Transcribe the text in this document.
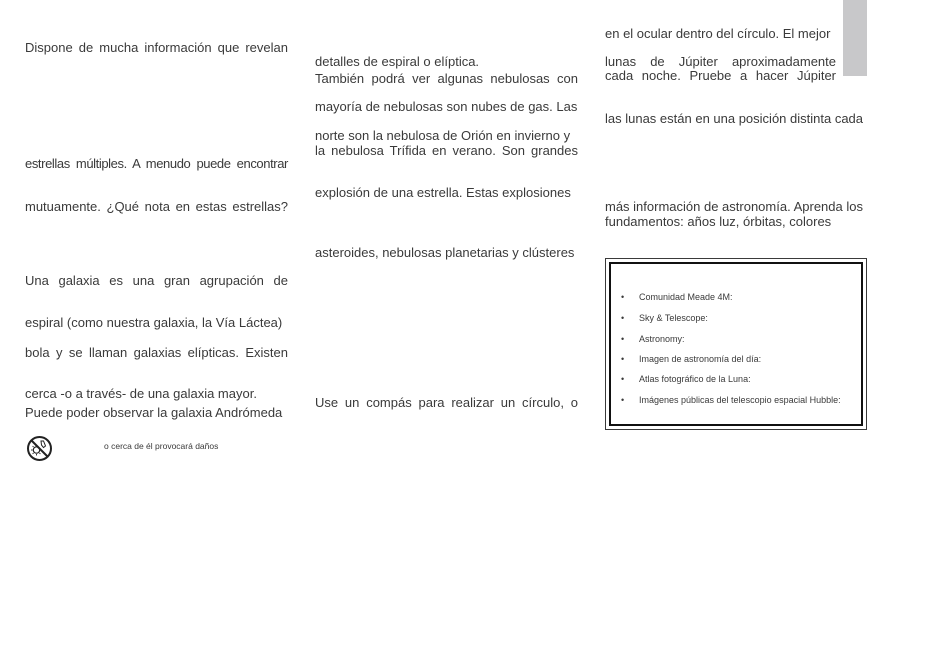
Dispone de mucha información que revelan
estrellas múltiples. A menudo puede encontrar
mutuamente. ¿Qué nota en estas estrellas?
Una galaxia es una gran agrupación de
espiral (como nuestra galaxia, la Vía Láctea)
bola y se llaman galaxias elípticas. Existen
cerca -o a través- de una galaxia mayor.
Puede poder observar la galaxia Andrómeda
detalles de espiral o elíptica.
También podrá ver algunas nebulosas con
mayoría de nebulosas son nubes de gas. Las
norte son la nebulosa de Orión en invierno y
la nebulosa Trífida en verano. Son grandes
explosión de una estrella. Estas explosiones
asteroides, nebulosas planetarias y clústeres
Use un compás para realizar un círculo, o
en el ocular dentro del círculo. El mejor
lunas de Júpiter aproximadamente
cada noche. Pruebe a hacer Júpiter
las lunas están en una posición distinta cada
más información de astronomía. Aprenda los
fundamentos: años luz, órbitas, colores
• Comunidad Meade 4M:
• Sky & Telescope:
• Astronomy:
• Imagen de astronomía del día:
• Atlas fotográfico de la Luna:
• Imágenes públicas del telescopio espacial Hubble:
o cerca de él provocará daños
